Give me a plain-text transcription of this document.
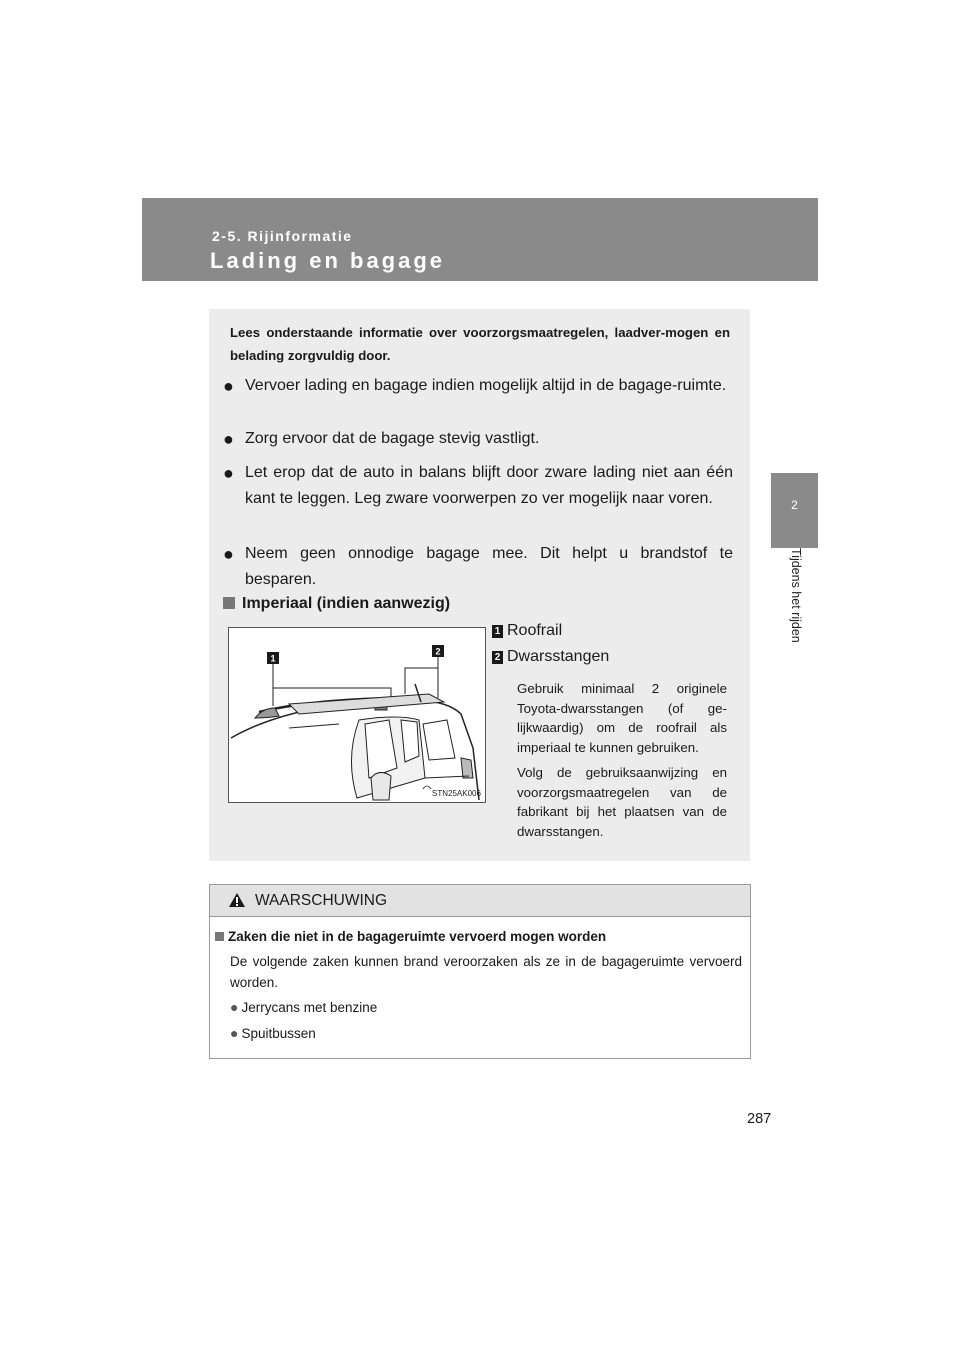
2-5. Rijinformatie
Lading en bagage
2
Tijdens het rijden
Lees onderstaande informatie over voorzorgsmaatregelen, laadver-mogen en belading zorgvuldig door.
● Vervoer lading en bagage indien mogelijk altijd in de bagage-ruimte.
● Zorg ervoor dat de bagage stevig vastligt.
● Let erop dat de auto in balans blijft door zware lading niet aan één kant te leggen. Leg zware voorwerpen zo ver mogelijk naar voren.
● Neem geen onnodige bagage mee. Dit helpt u brandstof te besparen.
Imperiaal (indien aanwezig)
1
2
STN25AK006
1 Roofrail
2 Dwarsstangen
Gebruik minimaal 2 originele Toyota-dwarsstangen (of ge-lijkwaardig) om de roofrail als imperiaal te kunnen gebruiken.
Volg de gebruiksaanwijzing en voorzorgsmaatregelen van de fabrikant bij het plaatsen van de dwarsstangen.
WAARSCHUWING
Zaken die niet in de bagageruimte vervoerd mogen worden
De volgende zaken kunnen brand veroorzaken als ze in de bagageruimte vervoerd worden.
● Jerrycans met benzine
● Spuitbussen
287
